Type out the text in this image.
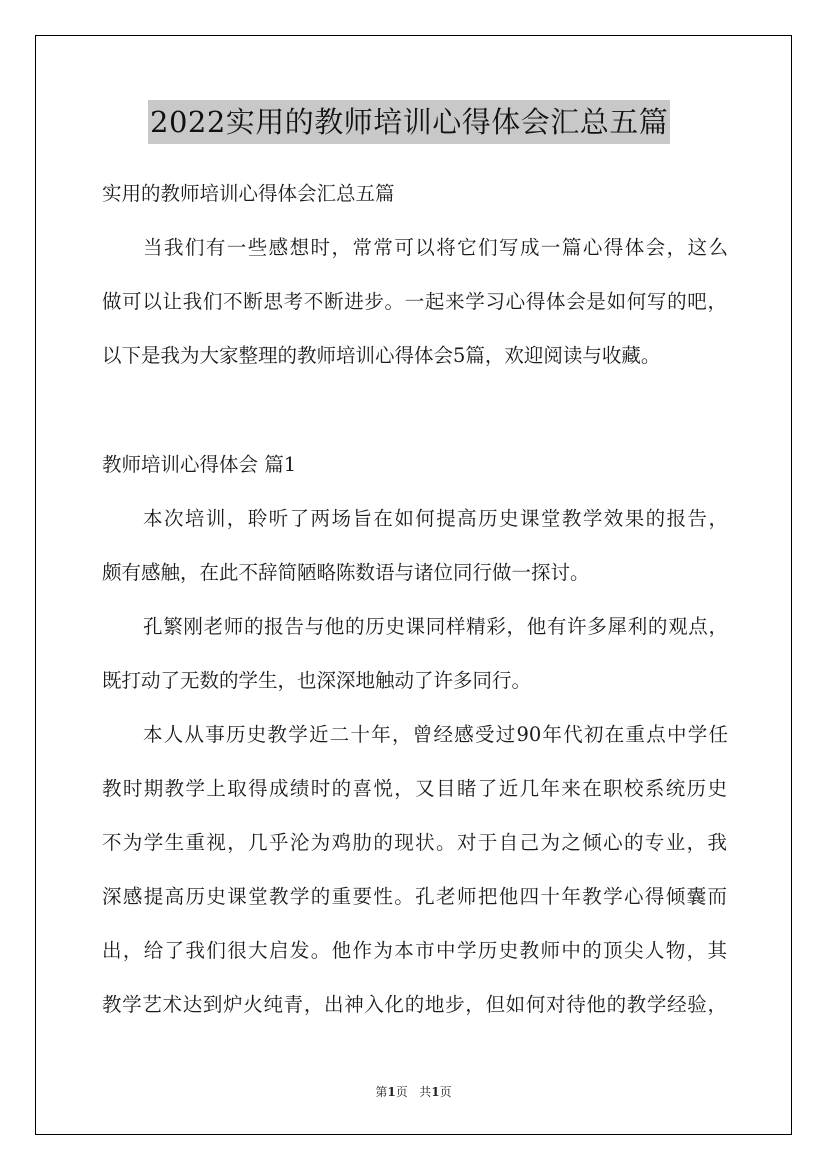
2022实用的教师培训心得体会汇总五篇
实用的教师培训心得体会汇总五篇
当我们有一些感想时，常常可以将它们写成一篇心得体会，这么
做可以让我们不断思考不断进步。一起来学习心得体会是如何写的吧，
以下是我为大家整理的教师培训心得体会5篇，欢迎阅读与收藏。
教师培训心得体会 篇1
本次培训，聆听了两场旨在如何提高历史课堂教学效果的报告，
颇有感触，在此不辞简陋略陈数语与诸位同行做一探讨。
孔繁刚老师的报告与他的历史课同样精彩，他有许多犀利的观点，
既打动了无数的学生，也深深地触动了许多同行。
本人从事历史教学近二十年，曾经感受过90年代初在重点中学任
教时期教学上取得成绩时的喜悦，又目睹了近几年来在职校系统历史
不为学生重视，几乎沦为鸡肋的现状。对于自己为之倾心的专业，我
深感提高历史课堂教学的重要性。孔老师把他四十年教学心得倾囊而
出，给了我们很大启发。他作为本市中学历史教师中的顶尖人物，其
教学艺术达到炉火纯青，出神入化的地步，但如何对待他的教学经验，
第1页   共1页
